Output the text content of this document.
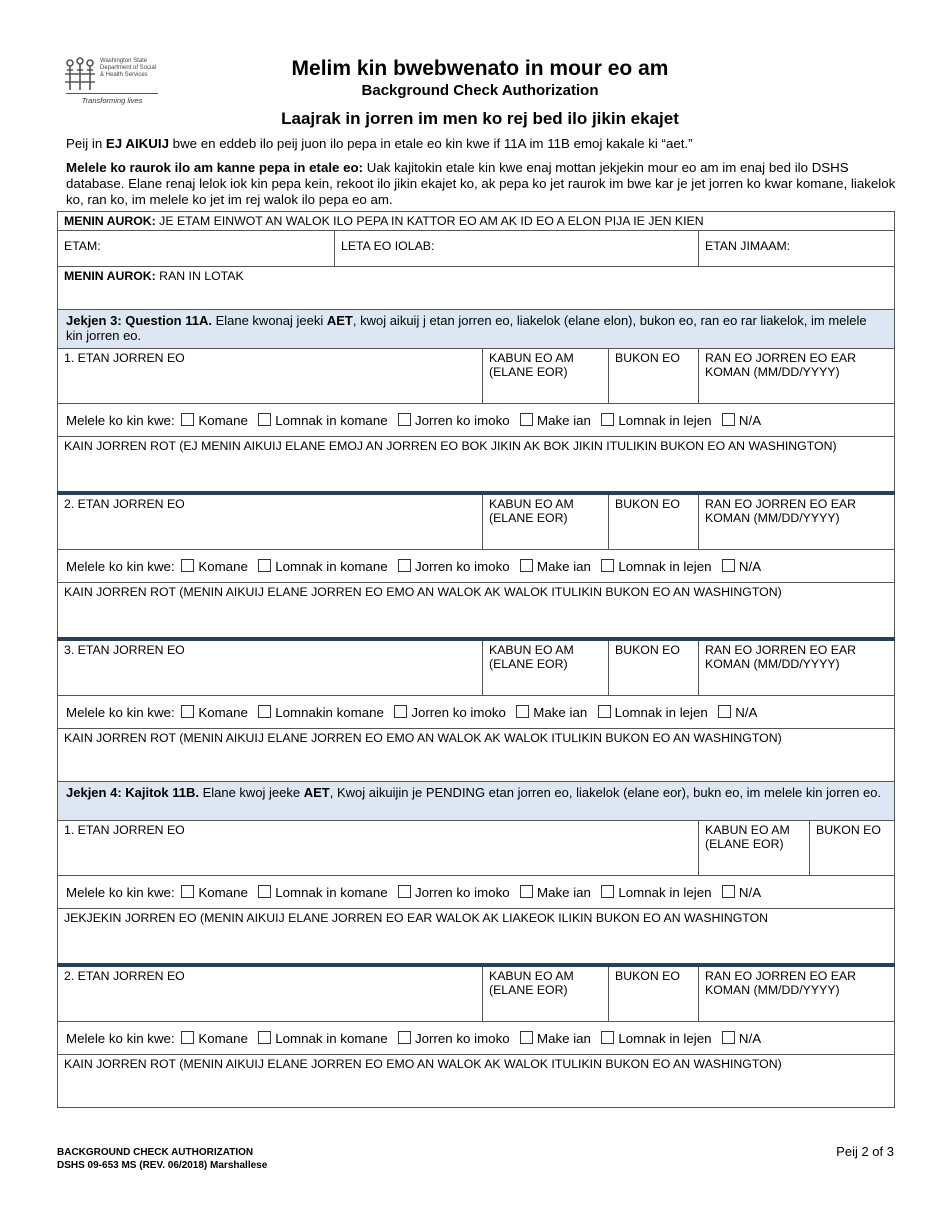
Washington State
Department of Social
& Health Services
Transforming lives
Melim kin bwebwenato in mour eo am
Background Check Authorization
Laajrak in jorren im men ko rej bed ilo jikin ekajet
Peij in EJ AIKUIJ bwe en eddeb ilo peij juon ilo pepa in etale eo kin kwe if 11A im 11B emoj kakale ki “aet.”
Melele ko raurok ilo am kanne pepa in etale eo: Uak kajitokin etale kin kwe enaj mottan jekjekin mour eo am im enaj bed ilo DSHS database. Elane renaj lelok iok kin pepa kein, rekoot ilo jikin ekajet ko, ak pepa ko jet raurok im bwe kar je jet jorren ko kwar komane, liakelok ko, ran ko, im melele ko jet im rej walok ilo pepa eo am.
MENIN AUROK: JE ETAM EINWOT AN WALOK ILO PEPA IN KATTOR EO AM AK ID EO A ELON PIJA IE JEN KIEN					
ETAM:	LETA EO IOLAB:			ETAN JIMAAM:	
MENIN AUROK: RAN IN LOTAK					
Jekjen 3: Question 11A. Elane kwonaj jeeki AET, kwoj aikuij j etan jorren eo, liakelok (elane elon), bukon eo, ran eo rar liakelok, im melele kin jorren eo.					
1. ETAN JORREN EO		KABUN EO AM (ELANE EOR)	BUKON EO	RAN EO JORREN EO EAR KOMAN (MM/DD/YYYY)	
Melele ko kin kwe: Komane Lomnak in komane Jorren ko imoko Make ian Lomnak in lejen N/A					
KAIN JORREN ROT (EJ MENIN AIKUIJ ELANE EMOJ AN JORREN EO BOK JIKIN AK BOK JIKIN ITULIKIN BUKON EO AN WASHINGTON)					
2. ETAN JORREN EO		KABUN EO AM (ELANE EOR)	BUKON EO	RAN EO JORREN EO EAR KOMAN (MM/DD/YYYY)	
Melele ko kin kwe: Komane Lomnak in komane Jorren ko imoko Make ian Lomnak in lejen N/A					
KAIN JORREN ROT (MENIN AIKUIJ ELANE JORREN EO EMO AN WALOK AK WALOK ITULIKIN BUKON EO AN WASHINGTON)					
3. ETAN JORREN EO		KABUN EO AM (ELANE EOR)	BUKON EO	RAN EO JORREN EO EAR KOMAN (MM/DD/YYYY)	
Melele ko kin kwe: Komane Lomnakin komane Jorren ko imoko Make ian Lomnak in lejen N/A					
KAIN JORREN ROT (MENIN AIKUIJ ELANE JORREN EO EMO AN WALOK AK WALOK ITULIKIN BUKON EO AN WASHINGTON)					
Jekjen 4: Kajitok 11B. Elane kwoj jeeke AET, Kwoj aikuijin je PENDING etan jorren eo, liakelok (elane eor), bukn eo, im melele kin jorren eo.					
1. ETAN JORREN EO				KABUN EO AM (ELANE EOR)	BUKON EO
Melele ko kin kwe: Komane Lomnak in komane Jorren ko imoko Make ian Lomnak in lejen N/A					
JEKJEKIN JORREN EO (MENIN AIKUIJ ELANE JORREN EO EAR WALOK AK LIAKEOK ILIKIN BUKON EO AN WASHINGTON					
2. ETAN JORREN EO		KABUN EO AM (ELANE EOR)	BUKON EO	RAN EO JORREN EO EAR KOMAN (MM/DD/YYYY)	
Melele ko kin kwe: Komane Lomnak in komane Jorren ko imoko Make ian Lomnak in lejen N/A					
KAIN JORREN ROT (MENIN AIKUIJ ELANE JORREN EO EMO AN WALOK AK WALOK ITULIKIN BUKON EO AN WASHINGTON)					
BACKGROUND CHECK AUTHORIZATION
DSHS 09-653 MS (REV. 06/2018) Marshallese
Peij 2 of 3
